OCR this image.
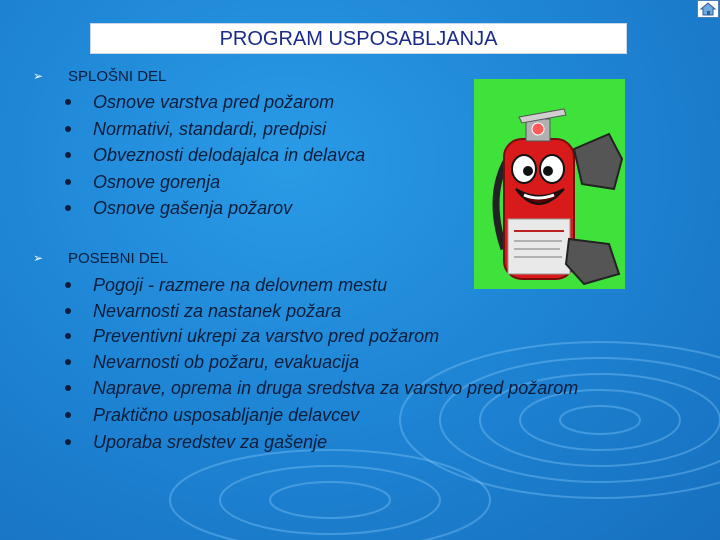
PROGRAM USPOSABLJANJA
➢	SPLOŠNI DEL
Osnove varstva pred požarom
Normativi, standardi, predpisi
Obveznosti delodajalca in delavca
Osnove gorenja
Osnove gašenja požarov
➢	POSEBNI DEL
Pogoji - razmere na delovnem mestu
Nevarnosti za nastanek požara
Preventivni ukrepi za varstvo pred požarom
Nevarnosti ob požaru, evakuacija
Naprave, oprema in druga sredstva za varstvo pred požarom
Praktično usposabljanje delavcev
Uporaba sredstev za gašenje
